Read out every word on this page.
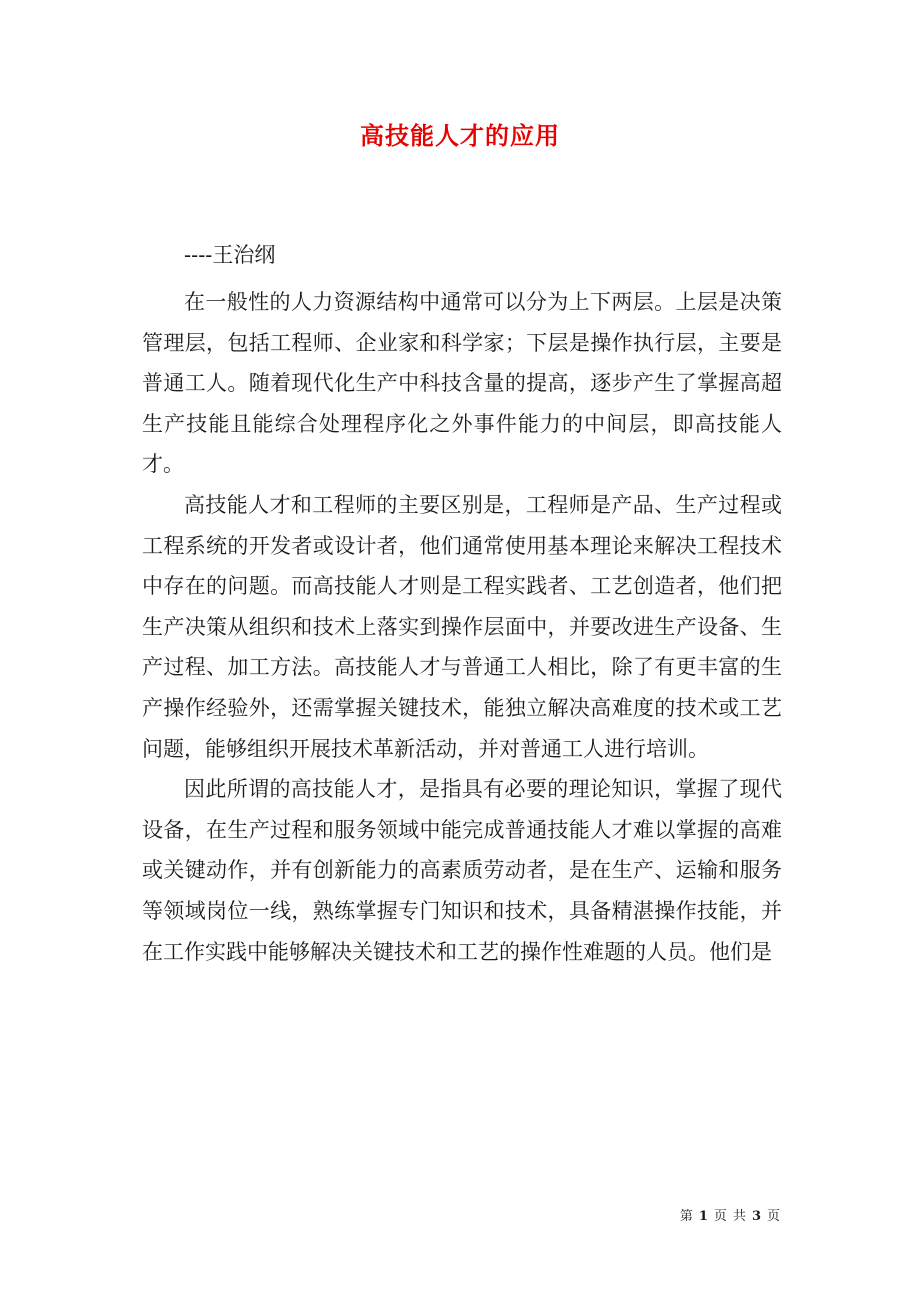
高技能人才的应用
----王治纲

在一般性的人力资源结构中通常可以分为上下两层。上层是决策管理层，包括工程师、企业家和科学家；下层是操作执行层，主要是普通工人。随着现代化生产中科技含量的提高，逐步产生了掌握高超生产技能且能综合处理程序化之外事件能力的中间层，即高技能人才。

高技能人才和工程师的主要区别是，工程师是产品、生产过程或工程系统的开发者或设计者，他们通常使用基本理论来解决工程技术中存在的问题。而高技能人才则是工程实践者、工艺创造者，他们把生产决策从组织和技术上落实到操作层面中，并要改进生产设备、生产过程、加工方法。高技能人才与普通工人相比，除了有更丰富的生产操作经验外，还需掌握关键技术，能独立解决高难度的技术或工艺问题，能够组织开展技术革新活动，并对普通工人进行培训。

因此所谓的高技能人才，是指具有必要的理论知识，掌握了现代设备，在生产过程和服务领域中能完成普通技能人才难以掌握的高难或关键动作，并有创新能力的高素质劳动者，是在生产、运输和服务等领域岗位一线，熟练掌握专门知识和技术，具备精湛操作技能，并在工作实践中能够解决关键技术和工艺的操作性难题的人员。他们是

第 1 页 共 3 页
